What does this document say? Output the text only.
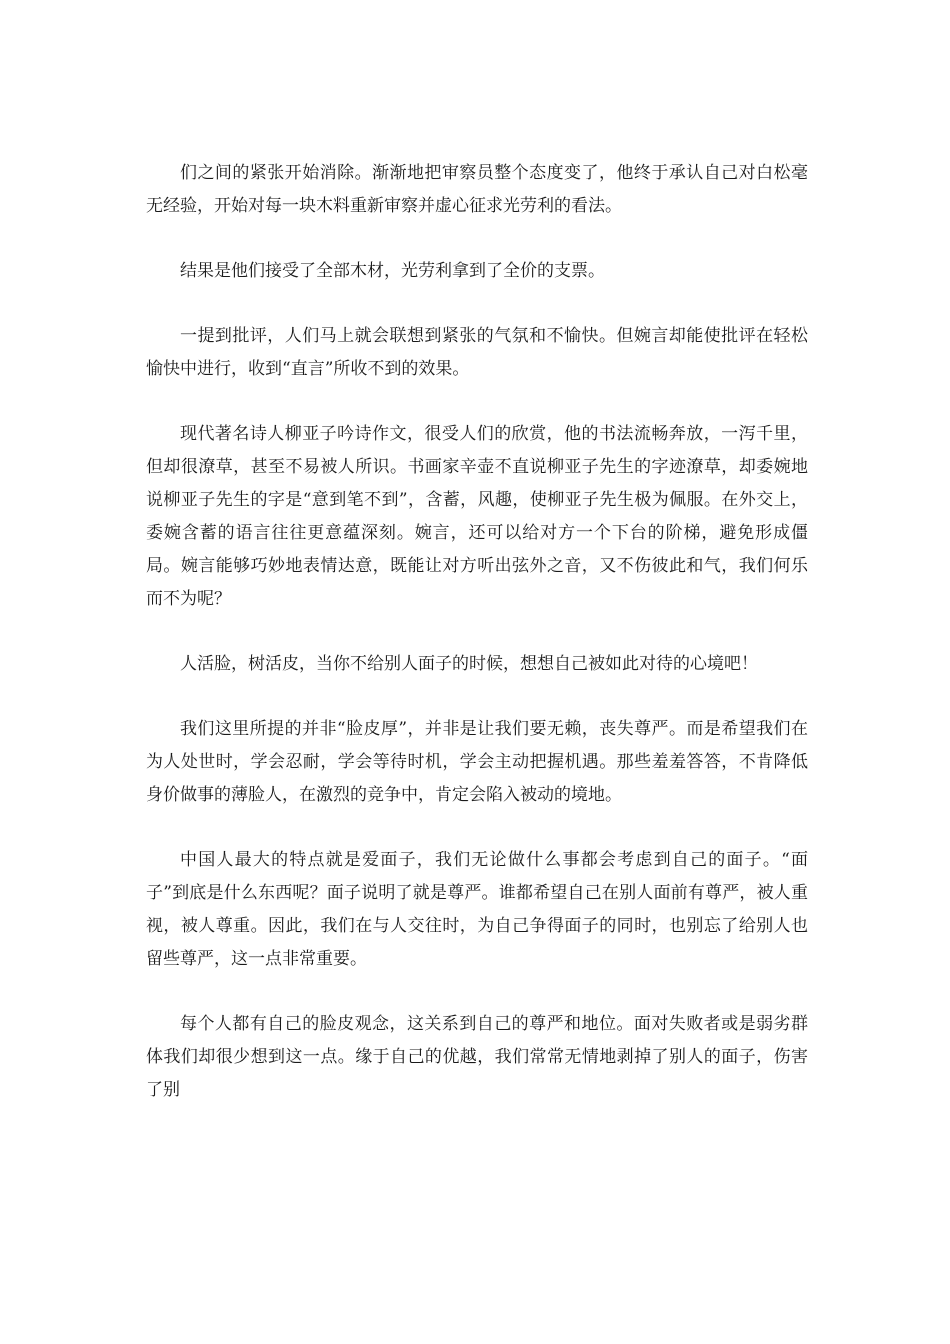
们之间的紧张开始消除。渐渐地把审察员整个态度变了，他终于承认自己对白松毫无经验，开始对每一块木料重新审察并虚心征求光劳利的看法。

结果是他们接受了全部木材，光劳利拿到了全价的支票。

一提到批评，人们马上就会联想到紧张的气氛和不愉快。但婉言却能使批评在轻松愉快中进行，收到“直言”所收不到的效果。

现代著名诗人柳亚子吟诗作文，很受人们的欣赏，他的书法流畅奔放，一泻千里，但却很潦草，甚至不易被人所识。书画家辛壶不直说柳亚子先生的字迹潦草，却委婉地说柳亚子先生的字是“意到笔不到”，含蓄，风趣，使柳亚子先生极为佩服。在外交上，委婉含蓄的语言往往更意蕴深刻。婉言，还可以给对方一个下台的阶梯，避免形成僵局。婉言能够巧妙地表情达意，既能让对方听出弦外之音，又不伤彼此和气，我们何乐而不为呢？

人活脸，树活皮，当你不给别人面子的时候，想想自己被如此对待的心境吧！

我们这里所提的并非“脸皮厚”，并非是让我们要无赖，丧失尊严。而是希望我们在为人处世时，学会忍耐，学会等待时机，学会主动把握机遇。那些羞羞答答，不肯降低身价做事的薄脸人，在激烈的竞争中，肯定会陷入被动的境地。

中国人最大的特点就是爱面子，我们无论做什么事都会考虑到自己的面子。“面子”到底是什么东西呢？面子说明了就是尊严。谁都希望自己在别人面前有尊严，被人重视，被人尊重。因此，我们在与人交往时，为自己争得面子的同时，也别忘了给别人也留些尊严，这一点非常重要。

每个人都有自己的脸皮观念，这关系到自己的尊严和地位。面对失败者或是弱劣群体我们却很少想到这一点。缘于自己的优越，我们常常无情地剥掉了别人的面子，伤害了别
